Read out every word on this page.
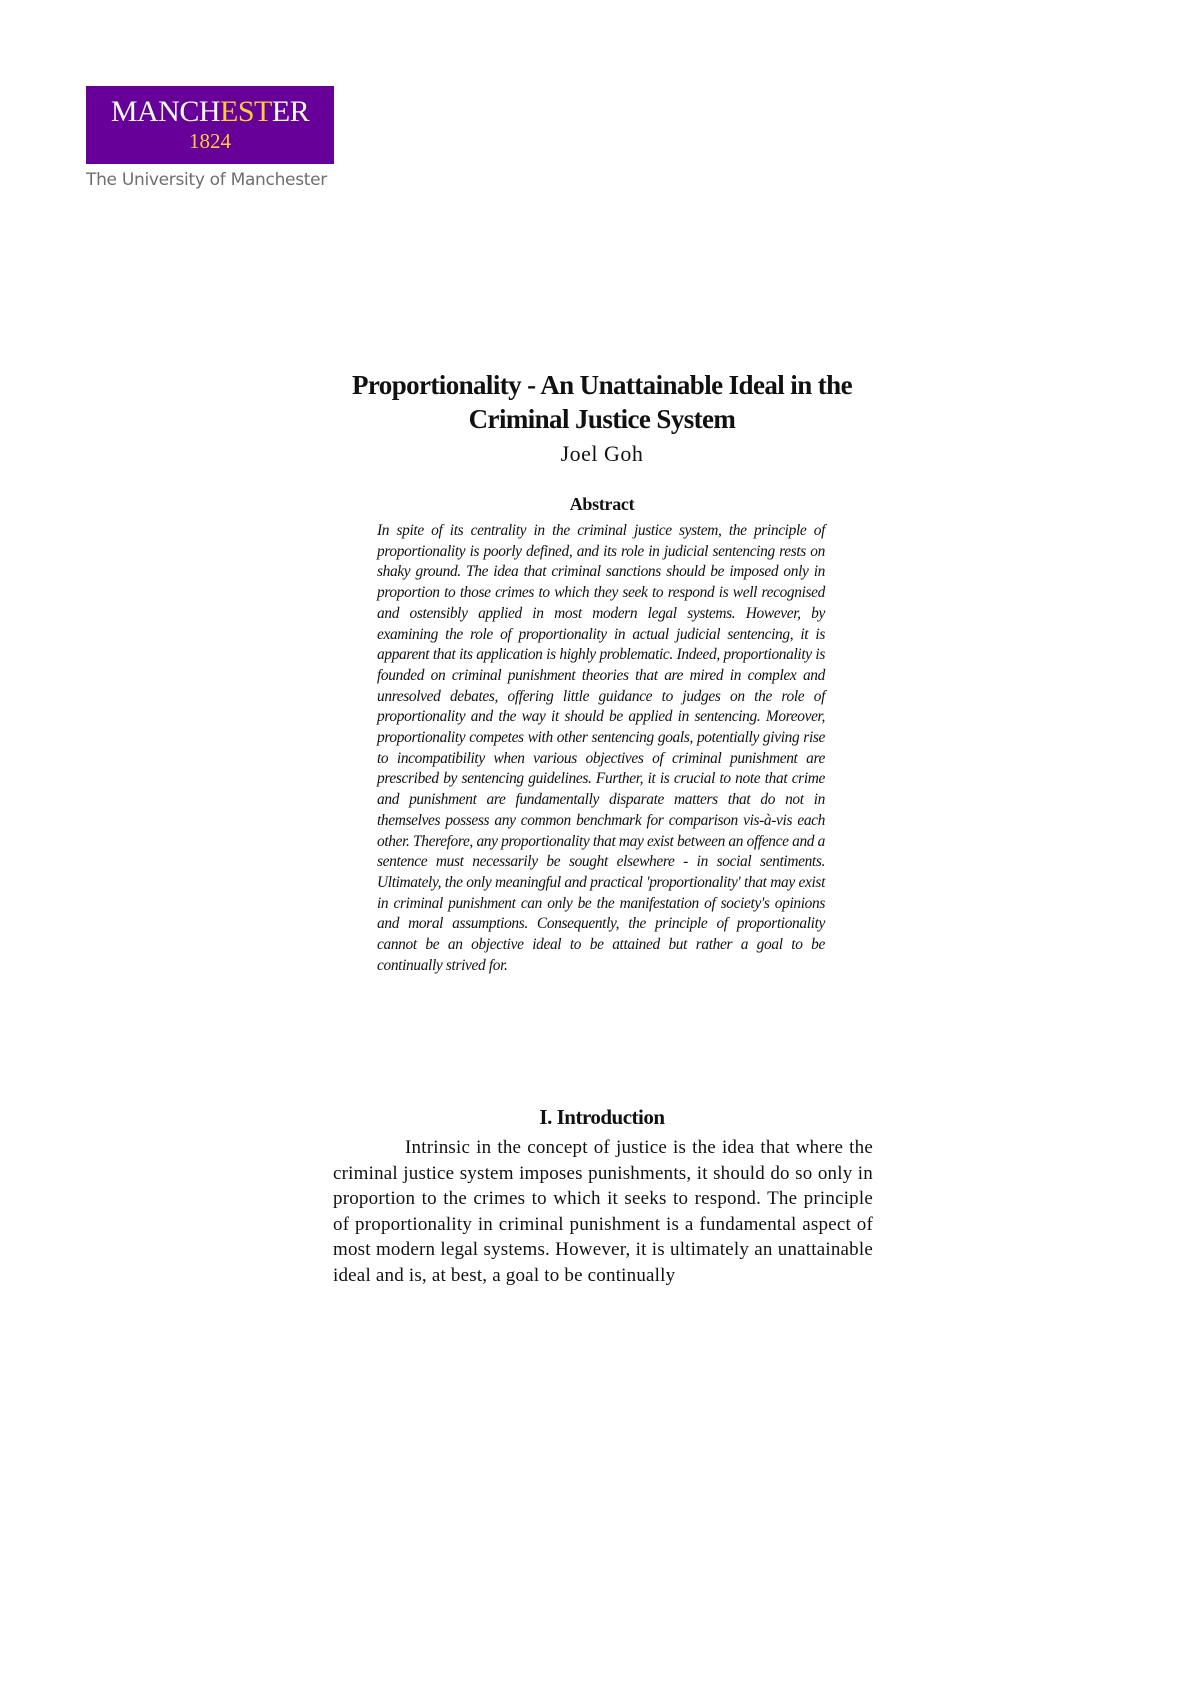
MANCHESTER
1824
The University of Manchester
Proportionality - An Unattainable Ideal in the
Criminal Justice System
Joel Goh
Abstract
In spite of its centrality in the criminal justice system, the principle of proportionality is poorly defined, and its role in judicial sentencing rests on shaky ground. The idea that criminal sanctions should be imposed only in proportion to those crimes to which they seek to respond is well recognised and ostensibly applied in most modern legal systems. However, by examining the role of proportionality in actual judicial sentencing, it is apparent that its application is highly problematic. Indeed, proportionality is founded on criminal punishment theories that are mired in complex and unresolved debates, offering little guidance to judges on the role of proportionality and the way it should be applied in sentencing. Moreover, proportionality competes with other sentencing goals, potentially giving rise to incompatibility when various objectives of criminal punishment are prescribed by sentencing guidelines. Further, it is crucial to note that crime and punishment are fundamentally disparate matters that do not in themselves possess any common benchmark for comparison vis-à-vis each other. Therefore, any proportionality that may exist between an offence and a sentence must necessarily be sought elsewhere - in social sentiments. Ultimately, the only meaningful and practical 'proportionality' that may exist in criminal punishment can only be the manifestation of society's opinions and moral assumptions. Consequently, the principle of proportionality cannot be an objective ideal to be attained but rather a goal to be continually strived for.
I. Introduction
Intrinsic in the concept of justice is the idea that where the criminal justice system imposes punishments, it should do so only in proportion to the crimes to which it seeks to respond. The principle of proportionality in criminal punishment is a fundamental aspect of most modern legal systems. However, it is ultimately an unattainable ideal and is, at best, a goal to be continually
